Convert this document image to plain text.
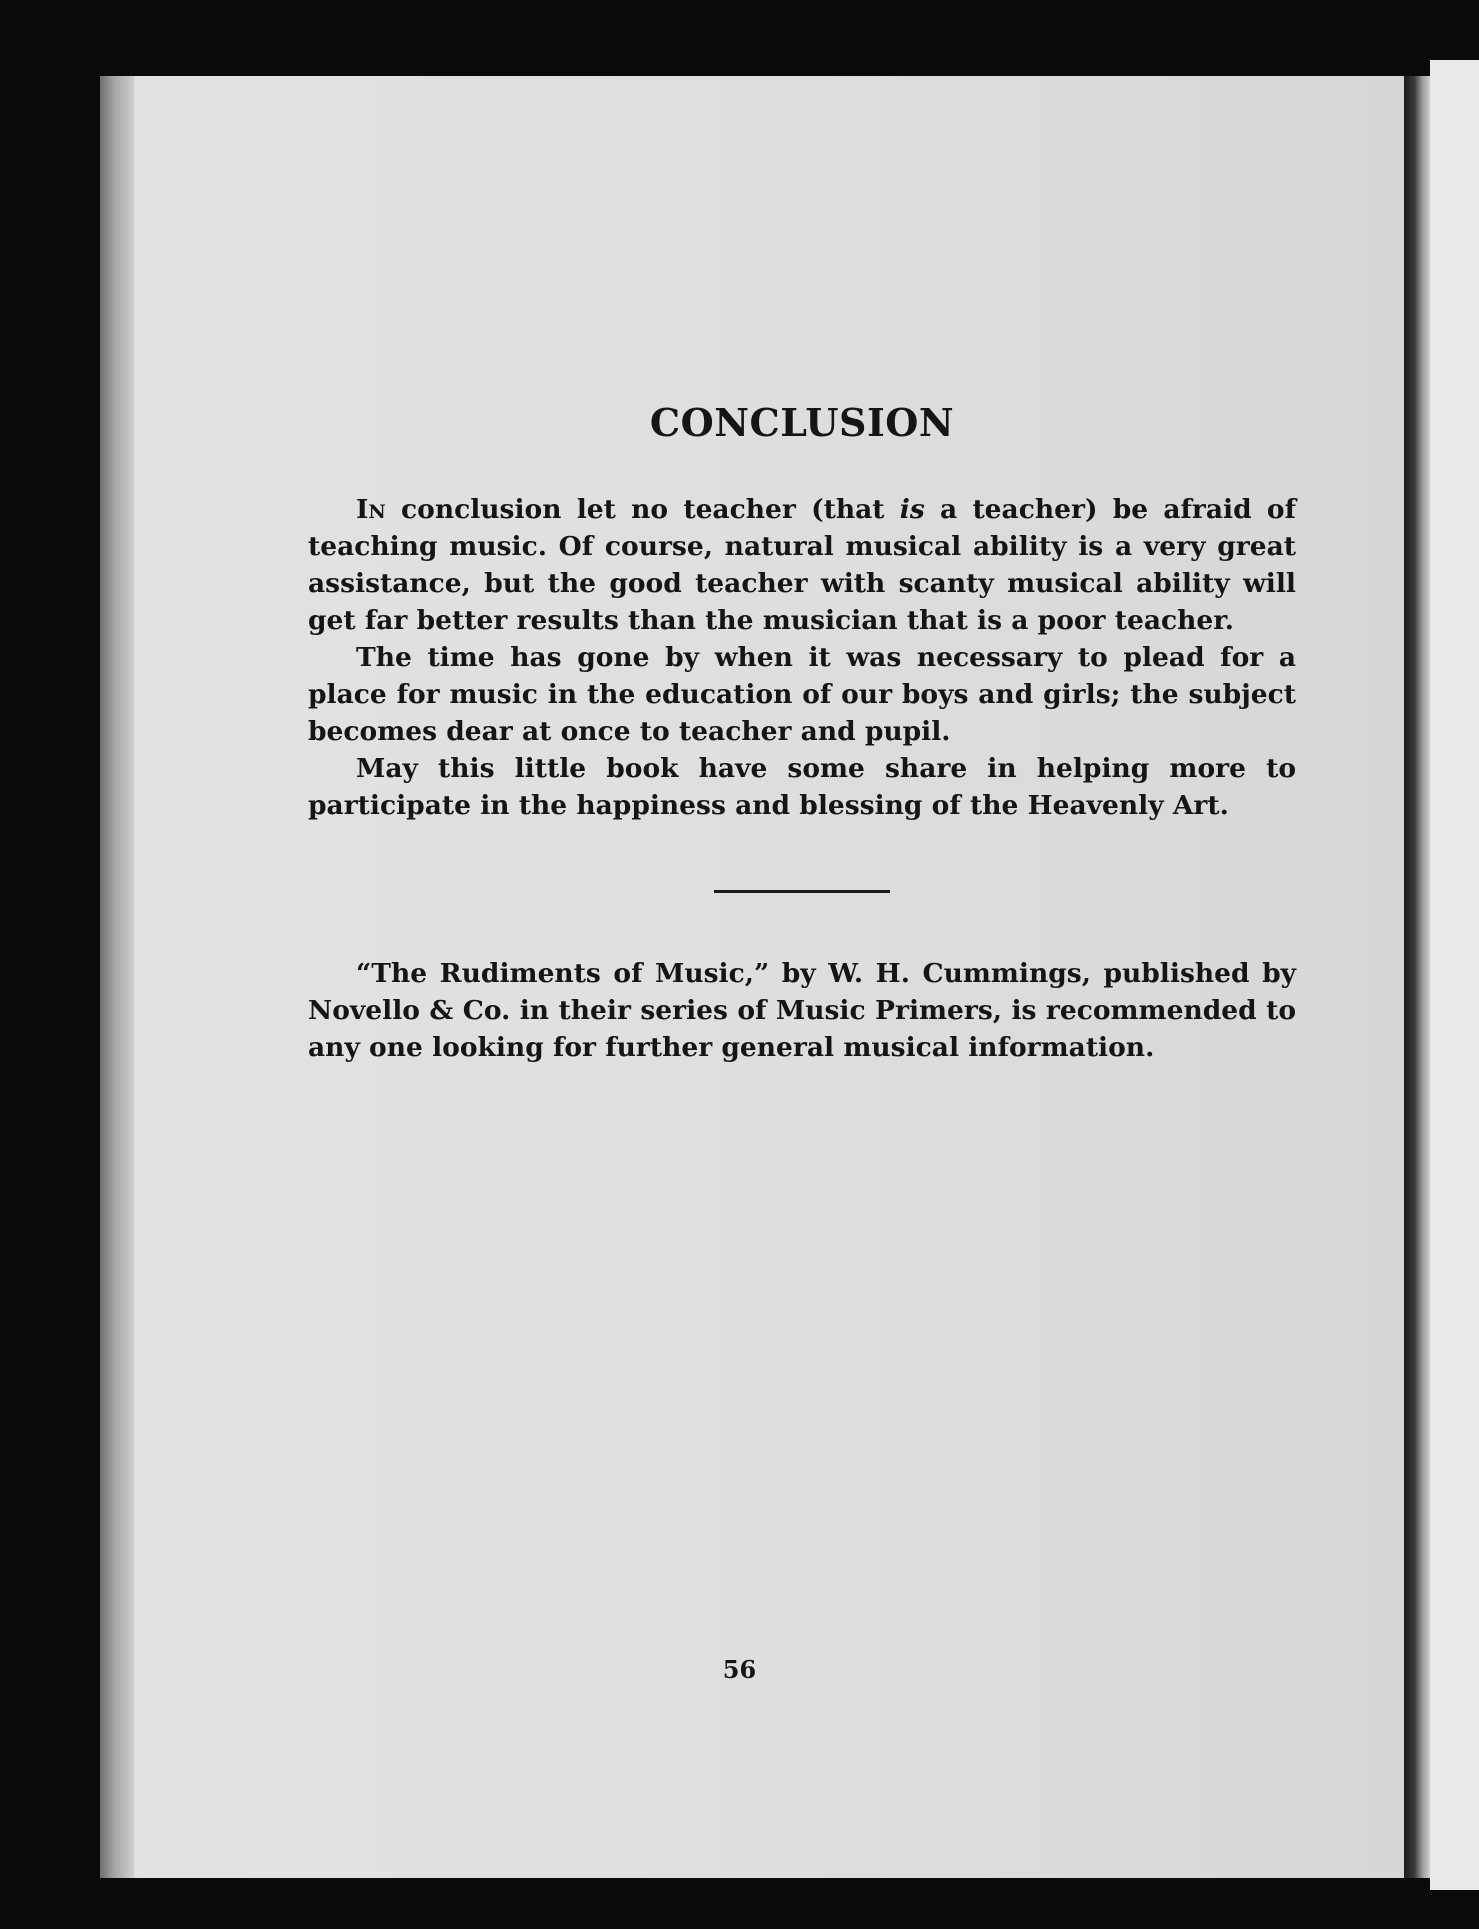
CONCLUSION

In conclusion let no teacher (that is a teacher) be afraid of teaching music. Of course, natural musical ability is a very great assistance, but the good teacher with scanty musical ability will get far better results than the musician that is a poor teacher.

The time has gone by when it was necessary to plead for a place for music in the education of our boys and girls; the subject becomes dear at once to teacher and pupil.

May this little book have some share in helping more to participate in the happiness and blessing of the Heavenly Art.

“The Rudiments of Music,” by W. H. Cummings, published by Novello & Co. in their series of Music Primers, is recommended to any one looking for further general musical information.

56
